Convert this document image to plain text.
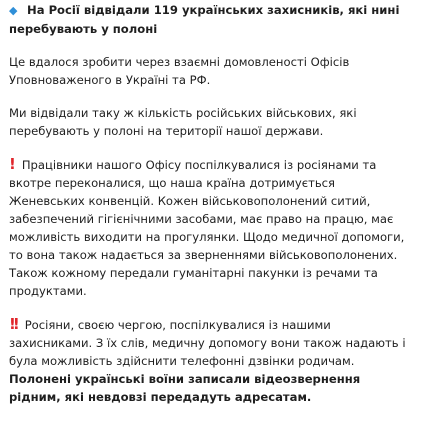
◆ На Росії відвідали 119 українських захисників, які нині перебувають у полоні

Це вдалося зробити через взаємні домовленості Офісів Уповноваженого в Україні та РФ.

Ми відвідали таку ж кількість російських військових, які перебувають у полоні на території нашої держави.

! Працівники нашого Офісу поспілкувалися із росіянами та вкотре переконалися, що наша країна дотримується Женевських конвенцій. Кожен військовополонений ситий, забезпечений гігієнічними засобами, має право на працю, має можливість виходити на прогулянки. Щодо медичної допомоги, то вона також надається за зверненнями військовополонених. Також кожному передали гуманітарні пакунки із речами та продуктами.

!! Росіяни, своєю чергою, поспілкувалися із нашими захисниками. З їх слів, медичну допомогу вони також надають і була можливість здійснити телефонні дзвінки родичам. Полонені українські воїни записали відеозвернення рідним, які невдовзі передадуть адресатам.
